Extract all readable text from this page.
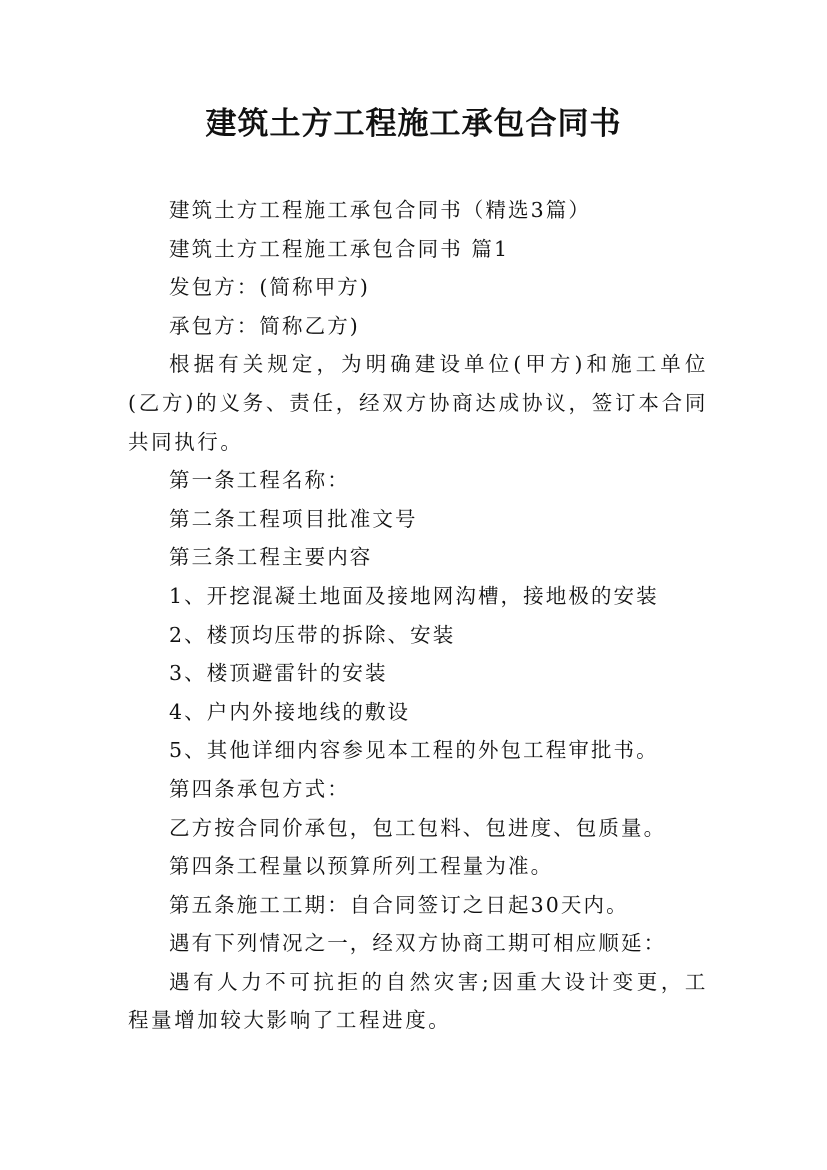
建筑土方工程施工承包合同书

建筑土方工程施工承包合同书（精选3篇）

建筑土方工程施工承包合同书 篇1

发包方：(简称甲方)

承包方：简称乙方)

根据有关规定，为明确建设单位(甲方)和施工单位(乙方)的义务、责任，经双方协商达成协议，签订本合同共同执行。

第一条工程名称：

第二条工程项目批准文号

第三条工程主要内容

1、开挖混凝土地面及接地网沟槽，接地极的安装

2、楼顶均压带的拆除、安装

3、楼顶避雷针的安装

4、户内外接地线的敷设

5、其他详细内容参见本工程的外包工程审批书。

第四条承包方式：

乙方按合同价承包，包工包料、包进度、包质量。

第四条工程量以预算所列工程量为准。

第五条施工工期：自合同签订之日起30天内。

遇有下列情况之一，经双方协商工期可相应顺延：

遇有人力不可抗拒的自然灾害;因重大设计变更，工程量增加较大影响了工程进度。
